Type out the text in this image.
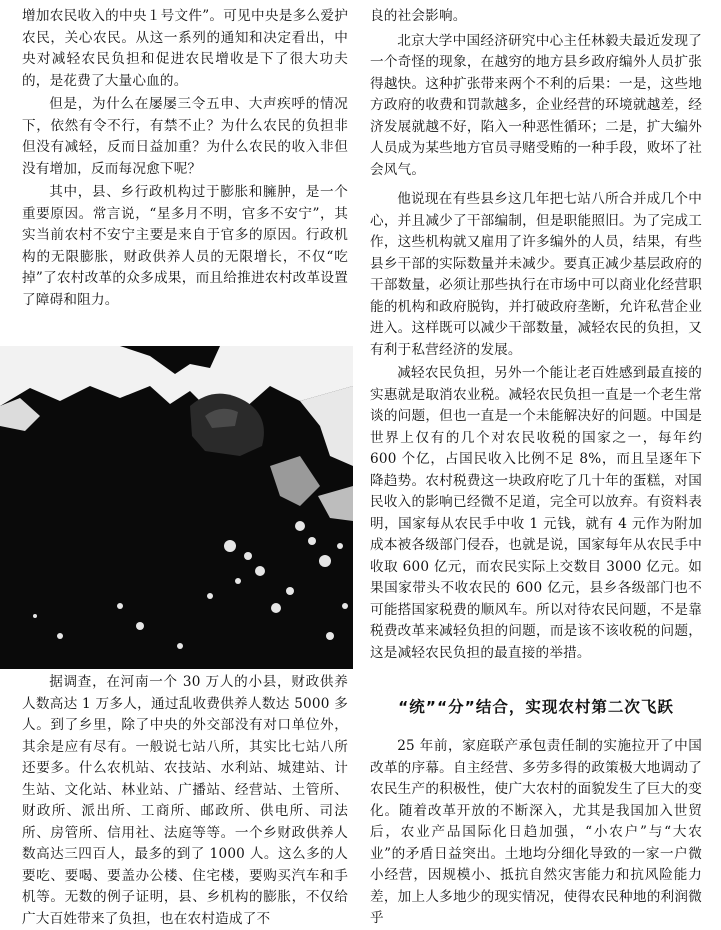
增加农民收入的中央１号文件”。可见中央是多么爱护农民，关心农民。从这一系列的通知和决定看出，中央对减轻农民负担和促进农民增收是下了很大功夫的，是花费了大量心血的。

但是，为什么在屡屡三令五申、大声疾呼的情况下，依然有令不行，有禁不止？为什么农民的负担非但没有减轻，反而日益加重？为什么农民的收入非但没有增加，反而每况愈下呢？

其中，县、乡行政机构过于膨胀和臃肿，是一个重要原因。常言说，“星多月不明，官多不安宁”，其实当前农村不安宁主要是来自于官多的原因。行政机构的无限膨胀，财政供养人员的无限增长，不仅“吃掉”了农村改革的众多成果，而且给推进农村改革设置了障碍和阻力。

据调查，在河南一个 30 万人的小县，财政供养人数高达 1 万多人，通过乱收费供养人数达 5000 多人。到了乡里，除了中央的外交部没有对口单位外，其余是应有尽有。一般说七站八所，其实比七站八所还要多。什么农机站、农技站、水利站、城建站、计生站、文化站、林业站、广播站、经营站、土管所、财政所、派出所、工商所、邮政所、供电所、司法所、房管所、信用社、法庭等等。一个乡财政供养人数高达三四百人，最多的到了 1000 人。这么多的人要吃、要喝、要盖办公楼、住宅楼，要购买汽车和手机等。无数的例子证明，县、乡机构的膨胀，不仅给广大百姓带来了负担，也在农村造成了不

良的社会影响。

北京大学中国经济研究中心主任林毅夫最近发现了一个奇怪的现象，在越穷的地方县乡政府编外人员扩张得越快。这种扩张带来两个不利的后果：一是，这些地方政府的收费和罚款越多，企业经营的环境就越差，经济发展就越不好，陷入一种恶性循环；二是，扩大编外人员成为某些地方官员寻赌受贿的一种手段，败坏了社会风气。

他说现在有些县乡这几年把七站八所合并成几个中心，并且减少了干部编制，但是职能照旧。为了完成工作，这些机构就又雇用了许多编外的人员，结果，有些县乡干部的实际数量并未减少。要真正减少基层政府的干部数量，必须让那些执行在市场中可以商业化经营职能的机构和政府脱钩，并打破政府垄断，允许私营企业进入。这样既可以减少干部数量，减轻农民的负担，又有利于私营经济的发展。

减轻农民负担，另外一个能让老百姓感到最直接的实惠就是取消农业税。减轻农民负担一直是一个老生常谈的问题，但也一直是一个未能解决好的问题。中国是世界上仅有的几个对农民收税的国家之一，每年约 600 个亿，占国民收入比例不足 8%，而且呈逐年下降趋势。农村税费这一块政府吃了几十年的蛋糕，对国民收入的影响已经微不足道，完全可以放弃。有资料表明，国家每从农民手中收 1 元钱，就有 4 元作为附加成本被各级部门侵吞，也就是说，国家每年从农民手中收取 600 亿元，而农民实际上交数目 3000 亿元。如果国家带头不收农民的 600 亿元，县乡各级部门也不可能搭国家税费的顺风车。所以对待农民问题，不是靠税费改革来减轻负担的问题，而是该不该收税的问题，这是减轻农民负担的最直接的举措。

“统”“分”结合，实现农村第二次飞跃

25 年前，家庭联产承包责任制的实施拉开了中国改革的序幕。自主经营、多劳多得的政策极大地调动了农民生产的积极性，使广大农村的面貌发生了巨大的变化。随着改革开放的不断深入，尤其是我国加入世贸后，农业产品国际化日趋加强，“小农户”与“大农业”的矛盾日益突出。土地均分细化导致的一家一户微小经营，因规模小、抵抗自然灾害能力和抗风险能力差，加上人多地少的现实情况，使得农民种地的利润微乎
